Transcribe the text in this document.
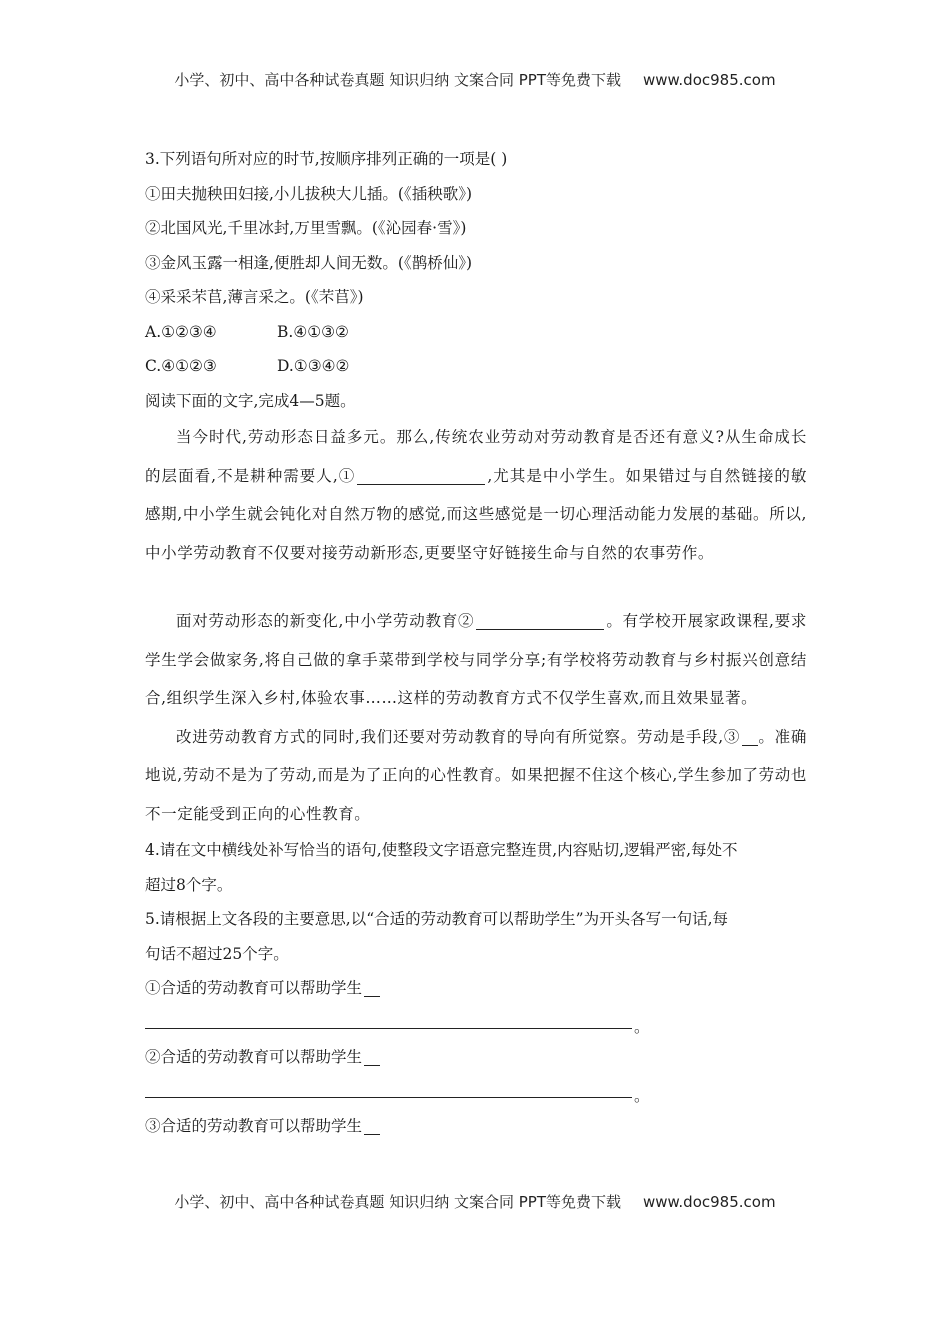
小学、初中、高中各种试卷真题 知识归纳 文案合同 PPT等免费下载 www.doc985.com
3.下列语句所对应的时节,按顺序排列正确的一项是( )
①田夫抛秧田妇接,小儿拔秧大儿插。(《插秧歌》)
②北国风光,千里冰封,万里雪飘。(《沁园春·雪》)
③金风玉露一相逢,便胜却人间无数。(《鹊桥仙》)
④采采芣苢,薄言采之。(《芣苢》)
A.①②③④	B.④①③②
C.④①②③	D.①③④②
阅读下面的文字,完成4—5题。
当今时代,劳动形态日益多元。那么,传统农业劳动对劳动教育是否还有意义?从生命成长的层面看,不是耕种需要人,①	,尤其是中小学生。如果错过与自然链接的敏感期,中小学生就会钝化对自然万物的感觉,而这些感觉是一切心理活动能力发展的基础。所以,中小学劳动教育不仅要对接劳动新形态,更要坚守好链接生命与自然的农事劳作。
面对劳动形态的新变化,中小学劳动教育②	。有学校开展家政课程,要求学生学会做家务,将自己做的拿手菜带到学校与同学分享;有学校将劳动教育与乡村振兴创意结合,组织学生深入乡村,体验农事……这样的劳动教育方式不仅学生喜欢,而且效果显著。
改进劳动教育方式的同时,我们还要对劳动教育的导向有所觉察。劳动是手段,③ 。准确地说,劳动不是为了劳动,而是为了正向的心性教育。如果把握不住这个核心,学生参加了劳动也不一定能受到正向的心性教育。
4.请在文中横线处补写恰当的语句,使整段文字语意完整连贯,内容贴切,逻辑严密,每处不
超过8个字。
5.请根据上文各段的主要意思,以“合适的劳动教育可以帮助学生”为开头各写一句话,每
句话不超过25个字。
①合适的劳动教育可以帮助学生
。
②合适的劳动教育可以帮助学生
。
③合适的劳动教育可以帮助学生
小学、初中、高中各种试卷真题 知识归纳 文案合同 PPT等免费下载 www.doc985.com
